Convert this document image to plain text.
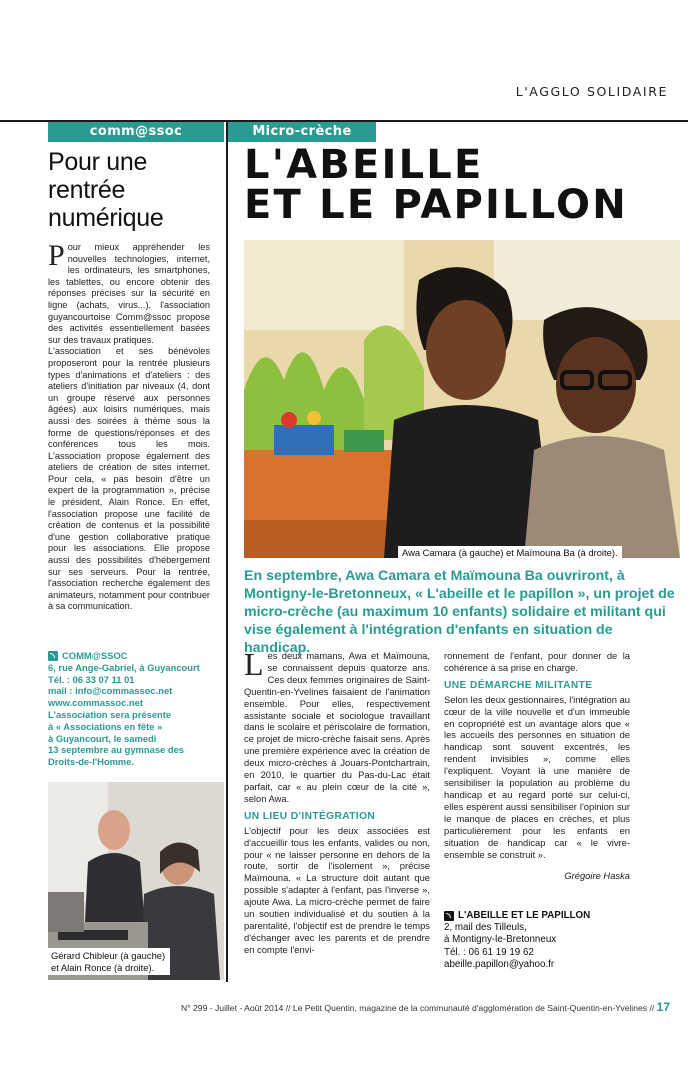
L'AGGLO SOLIDAIRE
comm@ssoc
Pour une rentrée numérique

Pour mieux appréhender les nouvelles technologies, internet, les ordinateurs, les smartphones, les tablettes, ou encore obtenir des réponses précises sur la sécurité en ligne (achats, virus...), l'association guyancourtoise Comm@ssoc propose des activités essentiellement basées sur des travaux pratiques.

L'association et ses bénévoles proposeront pour la rentrée plusieurs types d'animations et d'ateliers : des ateliers d'initiation par niveaux (4, dont un groupe réservé aux personnes âgées) aux loisirs numériques, mais aussi des soirées à thème sous la forme de questions/réponses et des conférences tous les mois. L'association propose également des ateliers de création de sites internet. Pour cela, « pas besoin d'être un expert de la programmation », précise le président, Alain Ronce. En effet, l'association propose une facilité de création de contenus et la possibilité d'une gestion collaborative pratique pour les associations. Elle propose aussi des possibilités d'hébergement sur ses serveurs. Pour la rentrée, l'association recherche également des animateurs, notamment pour contribuer à sa communication.

COMM@SSOC
6, rue Ange-Gabriel, à Guyancourt
Tél. : 06 33 07 11 01
mail : info@commassoc.net
www.commassoc.net
L'association sera présente
à « Associations en fête »
à Guyancourt, le samedi
13 septembre au gymnase des
Droits-de-l'Homme.
Gérard Chibleur (à gauche) et Alain Ronce (à droite).
© Leclé
Micro-crèche
L'ABEILLE
ET LE PAPILLON
Awa Camara (à gauche) et Maïmouna Ba (à droite).
En septembre, Awa Camara et Maïmouna Ba ouvriront, à Montigny-le-Bretonneux, « L'abeille et le papillon », un projet de micro-crèche (au maximum 10 enfants) solidaire et militant qui vise également à l'intégration d'enfants en situation de handicap.

Les deux mamans, Awa et Maïmouna, se connaissent depuis quatorze ans. Ces deux femmes originaires de Saint-Quentin-en-Yvelines faisaient de l'animation ensemble. Pour elles, respectivement assistante sociale et sociologue travaillant dans le scolaire et périscolaire de formation, ce projet de micro-crèche faisait sens. Après une première expérience avec la création de deux micro-crèches à Jouars-Pontchartrain, en 2010, le quartier du Pas-du-Lac était parfait, car « au plein cœur de la cité », selon Awa.

UN LIEU D'INTÉGRATION

L'objectif pour les deux associées est d'accueillir tous les enfants, valides ou non, pour « ne laisser personne en dehors de la route, sortir de l'isolement », précise Maïmouna. « La structure doit autant que possible s'adapter à l'enfant, pas l'inverse », ajoute Awa. La micro-crèche permet de faire un soutien individualisé et du soutien à la parentalité, l'objectif est de prendre le temps d'échanger avec les parents et de prendre en compte l'envi-

ronnement de l'enfant, pour donner de la cohérence à sa prise en charge.

UNE DÉMARCHE MILITANTE

Selon les deux gestionnaires, l'intégration au cœur de la ville nouvelle et d'un immeuble en copropriété est un avantage alors que « les accueils des personnes en situation de handicap sont souvent excentrés, les rendent invisibles », comme elles l'expliquent. Voyant là une manière de sensibiliser la population au problème du handicap et au regard porté sur celui-ci, elles espèrent aussi sensibiliser l'opinion sur le manque de places en crèches, et plus particulièrement pour les enfants en situation de handicap car « le vivre-ensemble se construit ».

Grégoire Haska
L'ABEILLE ET LE PAPILLON
2, mail des Tilleuls,
à Montigny-le-Bretonneux
Tél. : 06 61 19 19 62
abeille.papillon@yahoo.fr
N° 299 - Juillet - Août 2014 // Le Petit Quentin, magazine de la communauté d'agglomération de Saint-Quentin-en-Yvelines // 17
